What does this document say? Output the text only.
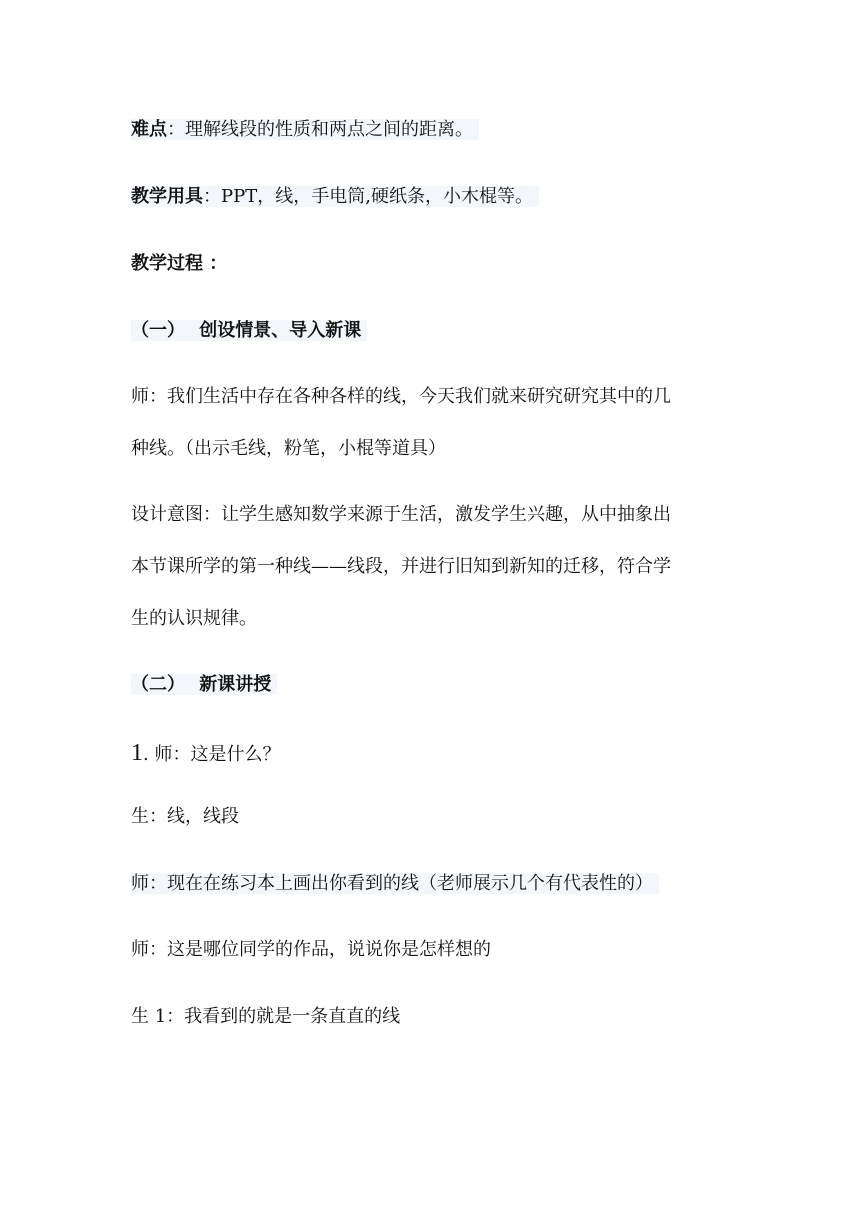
难点：理解线段的性质和两点之间的距离。
教学用具：PPT，线，手电筒,硬纸条，小木棍等。
教学过程 ：
（一） 创设情景、导入新课
师：我们生活中存在各种各样的线，今天我们就来研究研究其中的几
种线。（出示毛线，粉笔，小棍等道具）
设计意图：让学生感知数学来源于生活，激发学生兴趣，从中抽象出
本节课所学的第一种线——线段，并进行旧知到新知的迁移，符合学
生的认识规律。
（二） 新课讲授
1. 师：这是什么？
生：线，线段
师：现在在练习本上画出你看到的线（老师展示几个有代表性的）
师：这是哪位同学的作品，说说你是怎样想的
生 1：我看到的就是一条直直的线
